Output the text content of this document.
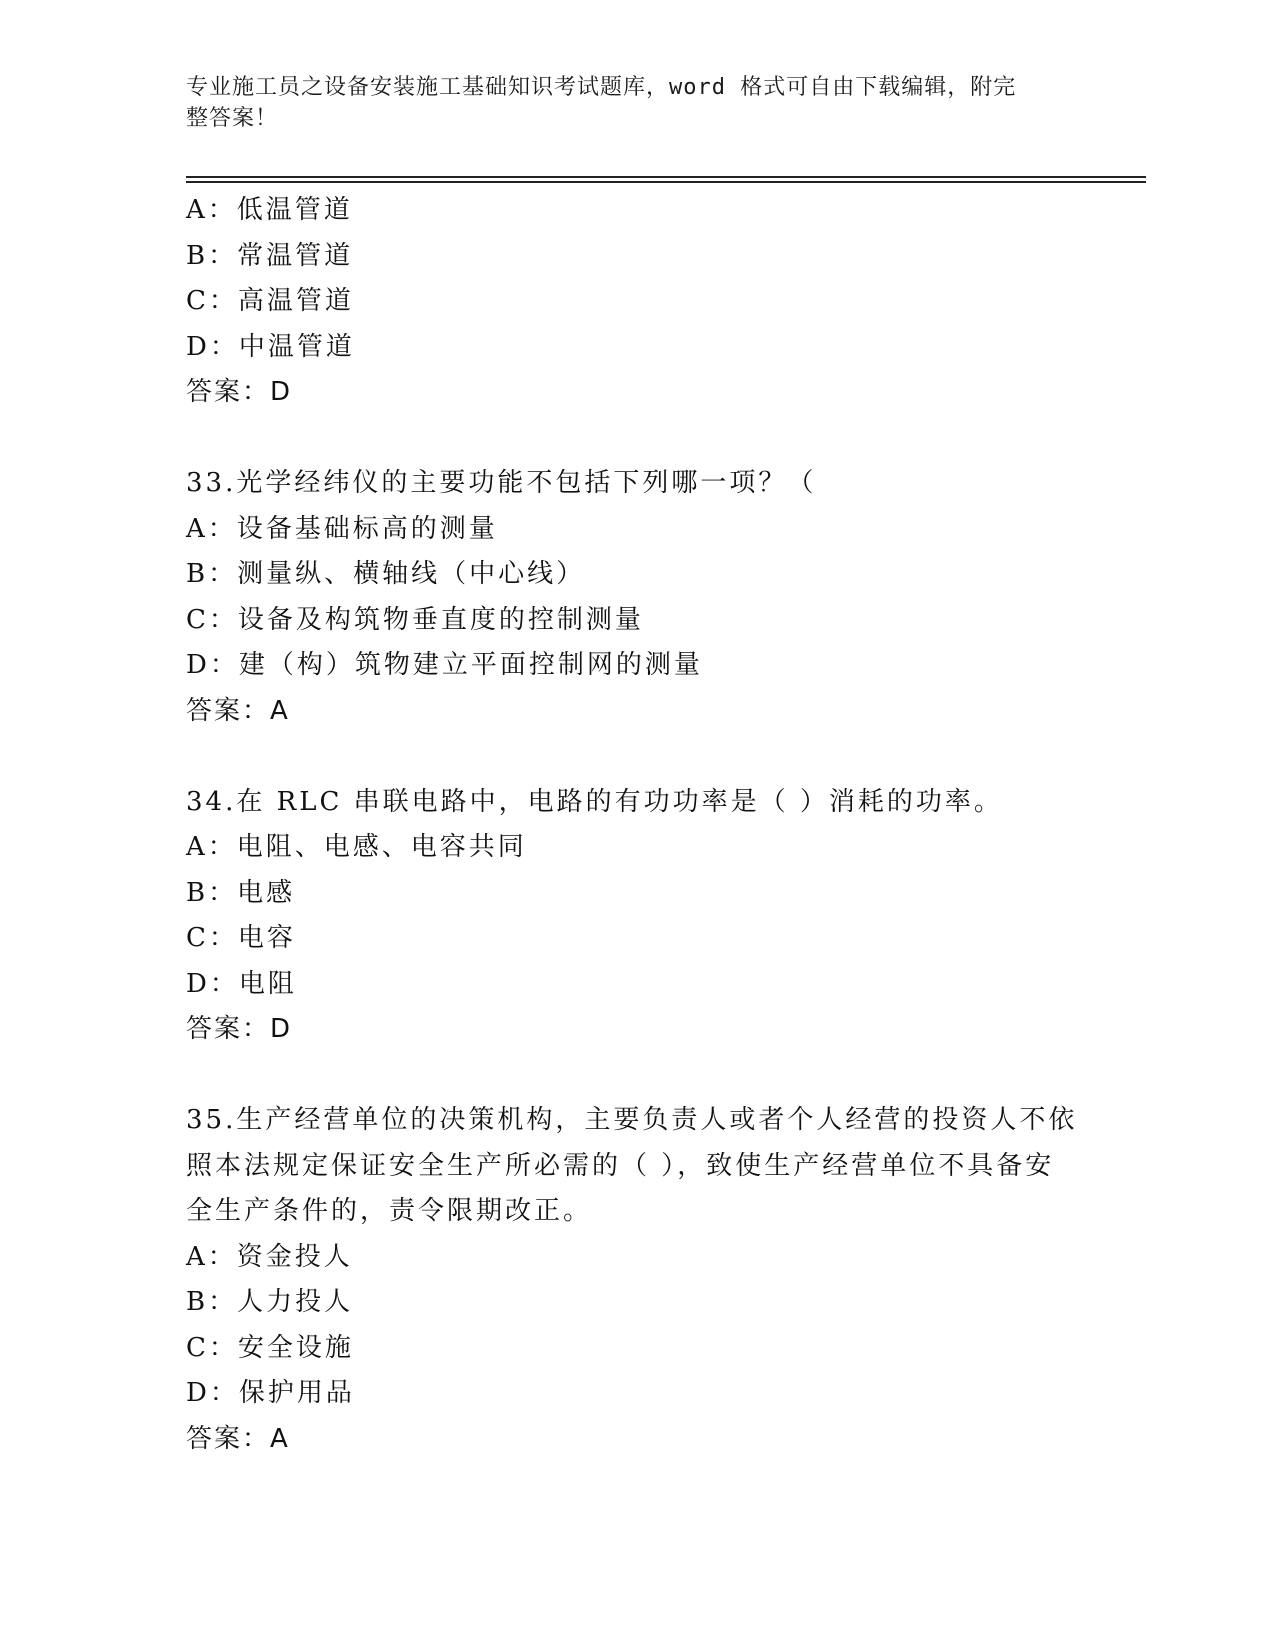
专业施工员之设备安装施工基础知识考试题库，word 格式可自由下载编辑，附完
整答案！
A：低温管道
B：常温管道
C：高温管道
D：中温管道
答案：D
33.光学经纬仪的主要功能不包括下列哪一项？（
A：设备基础标高的测量
B：测量纵、横轴线（中心线）
C：设备及构筑物垂直度的控制测量
D：建（构）筑物建立平面控制网的测量
答案：A
34.在 RLC 串联电路中，电路的有功功率是（ ）消耗的功率。
A：电阻、电感、电容共同
B：电感
C：电容
D：电阻
答案：D
35.生产经营单位的决策机构，主要负责人或者个人经营的投资人不依
照本法规定保证安全生产所必需的（ ），致使生产经营单位不具备安
全生产条件的，责令限期改正。
A：资金投人
B：人力投人
C：安全设施
D：保护用品
答案：A
